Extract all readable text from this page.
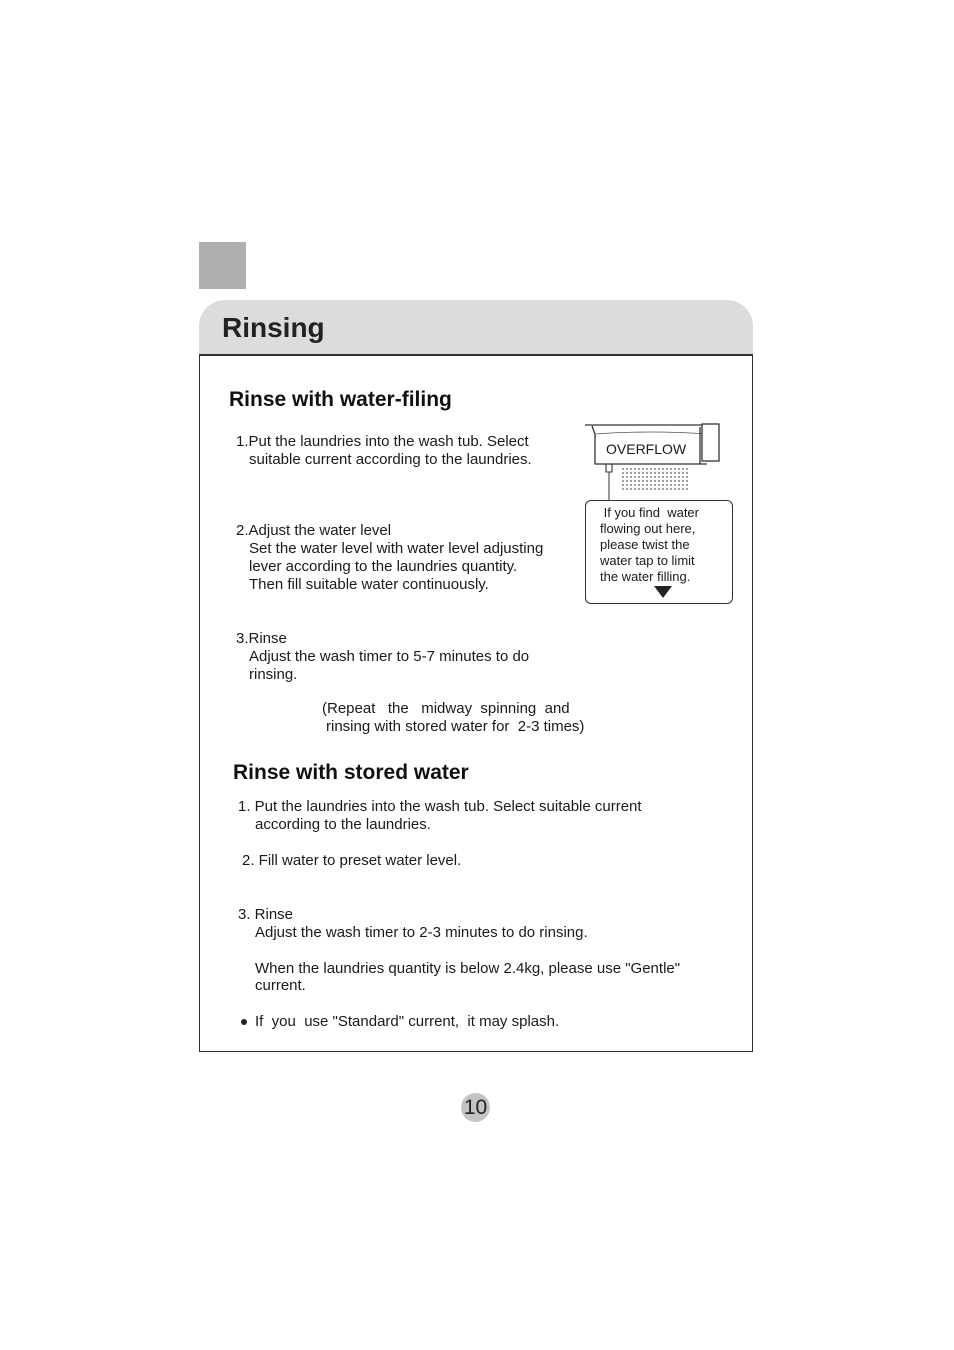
Rinsing
Rinse with water-filing
1.Put the laundries into the wash tub. Select
suitable current according to the laundries.
2.Adjust the water level
Set the water level with water level adjusting
lever according to the laundries quantity.
Then fill suitable water continuously.
3.Rinse
Adjust the wash timer to 5-7 minutes to do
rinsing.
(Repeat   the   midway  spinning  and
rinsing with stored water for  2-3 times)
OVERFLOW
If you find  water
flowing out here,
please twist the
water tap to limit
the water filling.
Rinse with stored water
1. Put the laundries into the wash tub. Select suitable current
according to the laundries.
2. Fill water to preset water level.
3. Rinse
Adjust the wash timer to 2-3 minutes to do rinsing.
When the laundries quantity is below 2.4kg, please use "Gentle"
current.
If  you  use "Standard" current,  it may splash.
10
